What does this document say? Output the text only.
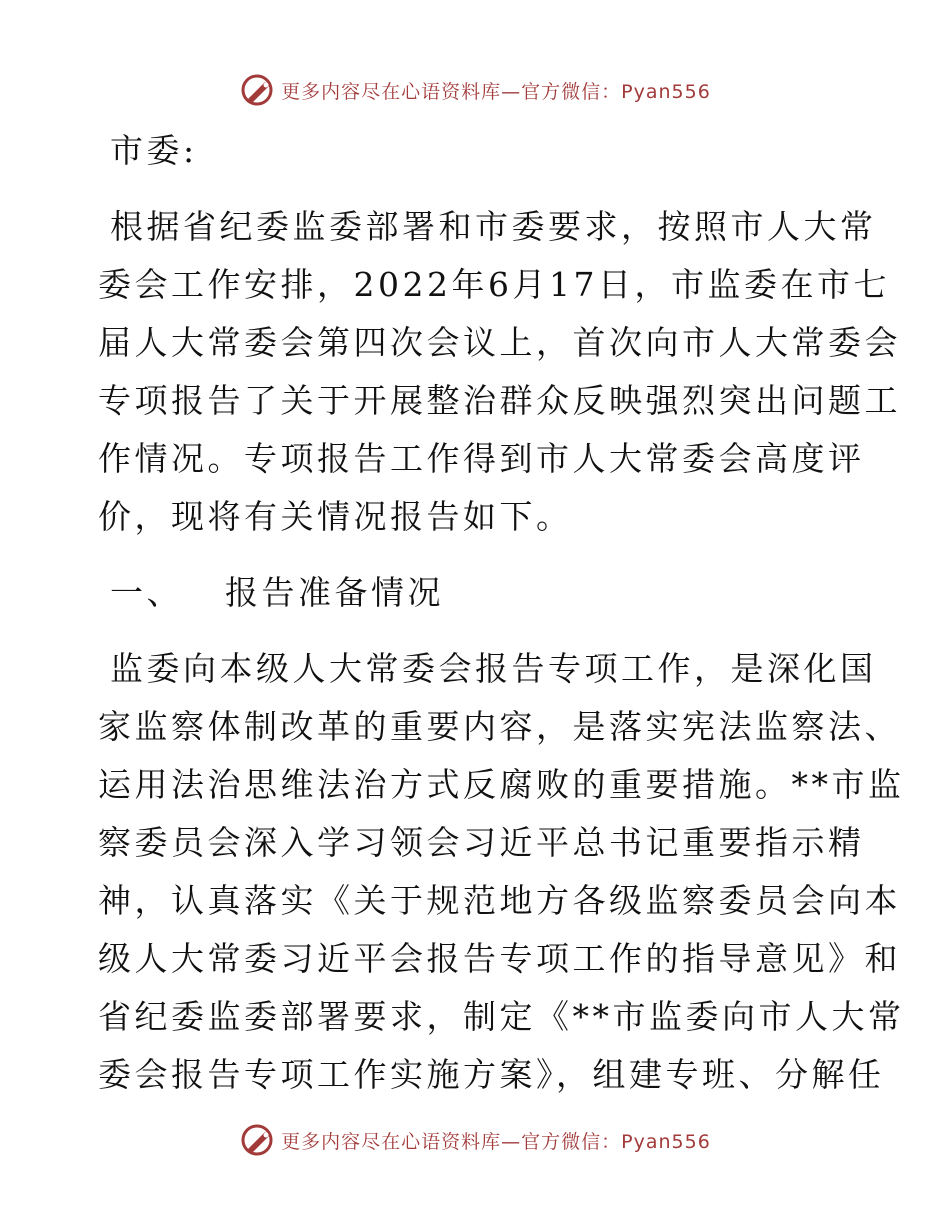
更多内容尽在心语资料库—官方微信：Pyan556

市委:

根据省纪委监委部署和市委要求，按照市人大常

委会工作安排，2022年6月17日，市监委在市七

届人大常委会第四次会议上，首次向市人大常委会

专项报告了关于开展整治群众反映强烈突出问题工

作情况。专项报告工作得到市人大常委会高度评

价，现将有关情况报告如下。

一、   报告准备情况

监委向本级人大常委会报告专项工作，是深化国

家监察体制改革的重要内容，是落实宪法监察法、

运用法治思维法治方式反腐败的重要措施。**市监

察委员会深入学习领会习近平总书记重要指示精

神，认真落实《关于规范地方各级监察委员会向本

级人大常委习近平会报告专项工作的指导意见》和

省纪委监委部署要求，制定《**市监委向市人大常

委会报告专项工作实施方案》，组建专班、分解任

更多内容尽在心语资料库—官方微信：Pyan556
